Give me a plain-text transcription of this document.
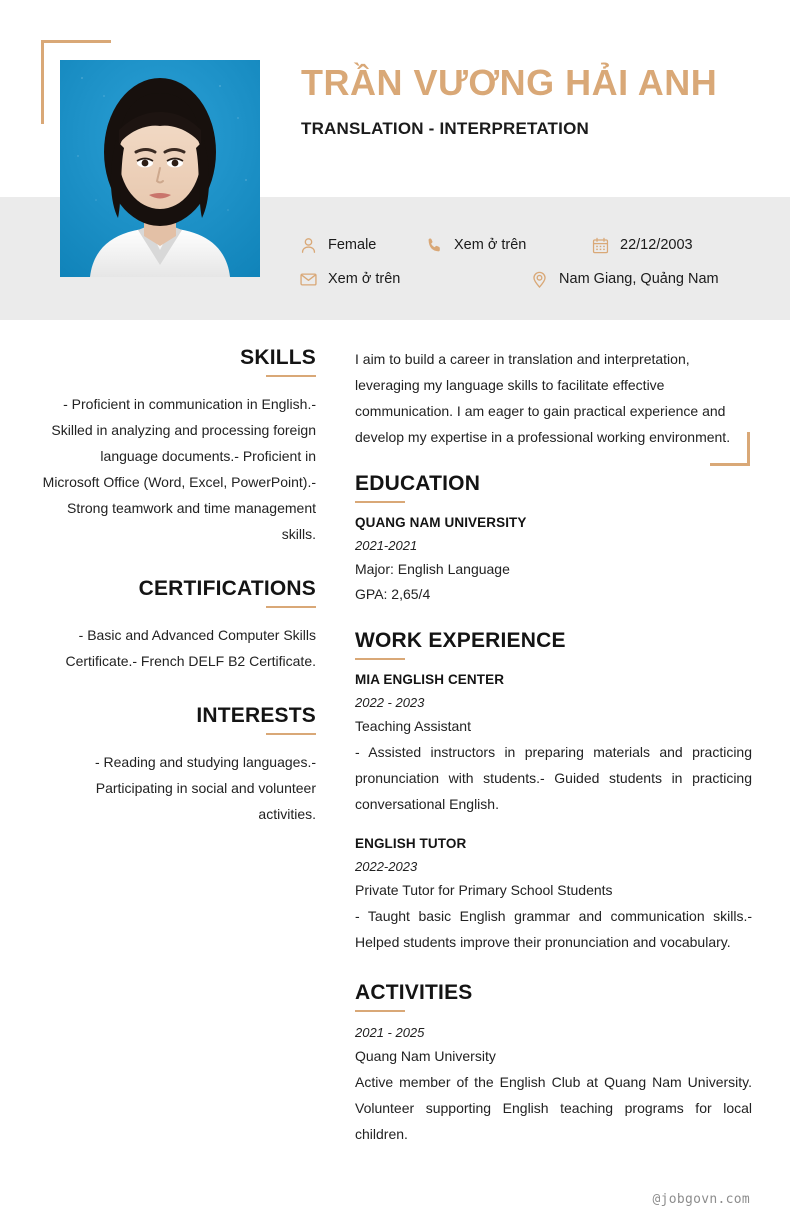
TRẦN VƯƠNG HẢI ANH
TRANSLATION - INTERPRETATION
Female	Xem ở trên	22/12/2003
Xem ở trên	Nam Giang, Quảng Nam
SKILLS

- Proficient in communication in English.- Skilled in analyzing and processing foreign language documents.- Proficient in Microsoft Office (Word, Excel, PowerPoint).- Strong teamwork and time management skills.

CERTIFICATIONS

- Basic and Advanced Computer Skills Certificate.- French DELF B2 Certificate.

INTERESTS

- Reading and studying languages.- Participating in social and volunteer activities.

I aim to build a career in translation and interpretation, leveraging my language skills to facilitate effective communication. I am eager to gain practical experience and develop my expertise in a professional working environment.

EDUCATION

QUANG NAM UNIVERSITY

2021-2021

Major: English Language

GPA: 2,65/4

WORK EXPERIENCE

MIA ENGLISH CENTER

2022 - 2023

Teaching Assistant

- Assisted instructors in preparing materials and practicing pronunciation with students.- Guided students in practicing conversational English.

ENGLISH TUTOR

2022-2023

Private Tutor for Primary School Students

- Taught basic English grammar and communication skills.- Helped students improve their pronunciation and vocabulary.

ACTIVITIES

2021 - 2025

Quang Nam University

Active member of the English Club at Quang Nam University. Volunteer supporting English teaching programs for local children.

@jobgovn.com
